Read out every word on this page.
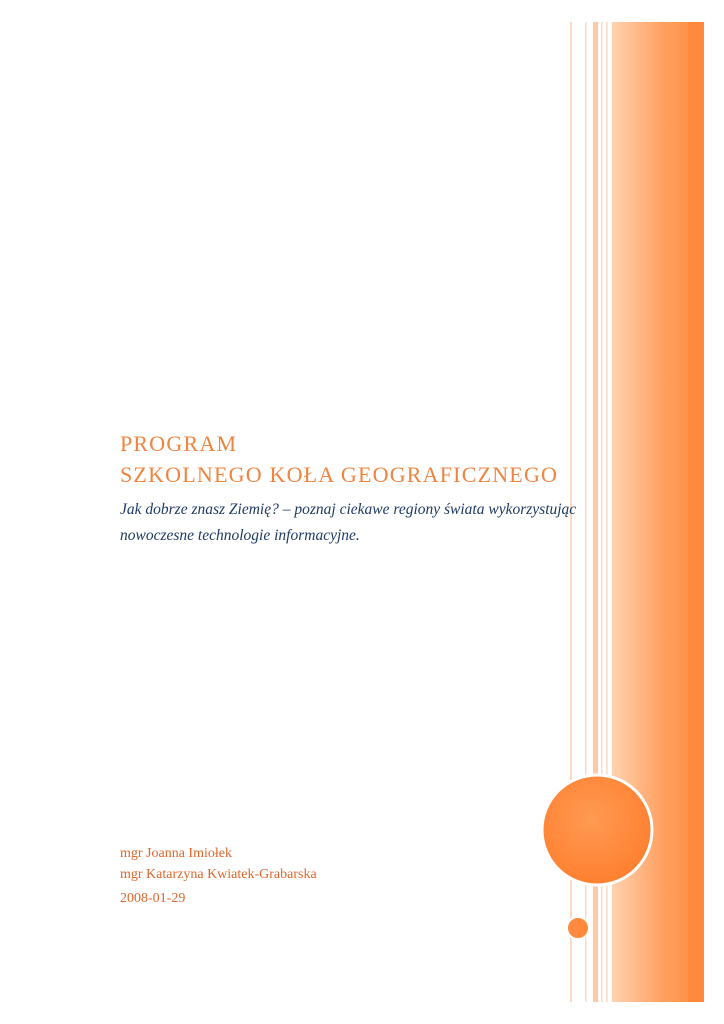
PROGRAM
SZKOLNEGO KOŁA GEOGRAFICZNEGO

Jak dobrze znasz Ziemię? – poznaj ciekawe regiony świata wykorzystując
nowoczesne technologie informacyjne.

mgr Joanna Imiołek
mgr Katarzyna Kwiatek-Grabarska

2008-01-29
